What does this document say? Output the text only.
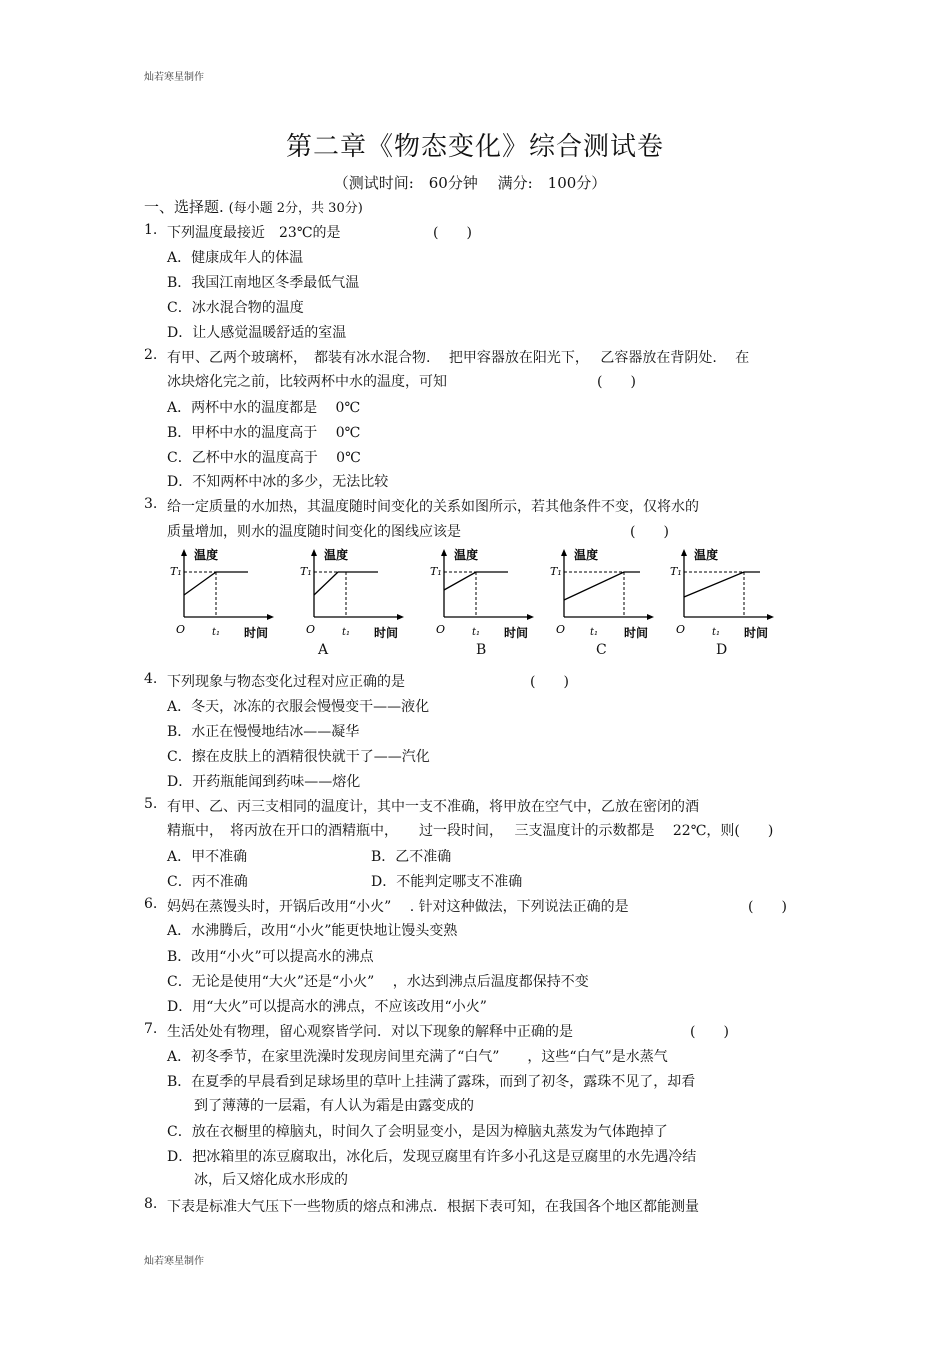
灿若寒星制作
第二章《物态变化》综合测试卷
（测试时间:　60分钟　 满分:　100分）
一、选择题. (每小题 2分，共 30分)
1. 下列温度最接近　23℃的是	(　　)
A．健康成年人的体温
B．我国江南地区冬季最低气温
C．冰水混合物的温度
D．让人感觉温暖舒适的室温
2. 有甲、乙两个玻璃杯，　都装有冰水混合物.　 把甲容器放在阳光下，　 乙容器放在背阴处.　 在
冰块熔化完之前，比较两杯中水的温度，可知	(　　)
A．两杯中水的温度都是　 0℃
B．甲杯中水的温度高于　 0℃
C．乙杯中水的温度高于　 0℃
D．不知两杯中冰的多少，无法比较
3. 给一定质量的水加热，其温度随时间变化的关系如图所示，若其他条件不变，仅将水的
质量增加，则水的温度随时间变化的图线应该是	(　　)
温度
T₁
O	t₁ 时间
温度
T₁
O	t₁ 时间
温度
T₁
O	t₁ 时间
温度
T₁
O t₁ 时间
温度
T₁
O	t₁ 时间
A	B	C	D
4. 下列现象与物态变化过程对应正确的是	(　　)
A．冬天，冰冻的衣服会慢慢变干——液化
B．水正在慢慢地结冰——凝华
C．擦在皮肤上的酒精很快就干了——汽化
D．开药瓶能闻到药味——熔化
5. 有甲、乙、丙三支相同的温度计，其中一支不准确，将甲放在空气中，乙放在密闭的酒
精瓶中，　将丙放在开口的酒精瓶中，　　过一段时间，　 三支温度计的示数都是　 22℃，则(　　)
A．甲不准确	B．乙不准确
C．丙不准确	D．不能判定哪支不准确
6. 妈妈在蒸馒头时，开锅后改用“小火”　 . 针对这种做法，下列说法正确的是	(　　)
A．水沸腾后，改用“小火”能更快地让馒头变熟
B．改用“小火”可以提高水的沸点
C．无论是使用“大火”还是“小火”　 ，水达到沸点后温度都保持不变
D．用“大火”可以提高水的沸点，不应该改用“小火”
7. 生活处处有物理，留心观察皆学问．对以下现象的解释中正确的是	(　　)
A．初冬季节，在家里洗澡时发现房间里充满了“白气”　　，这些“白气”是水蒸气
B．在夏季的早晨看到足球场里的草叶上挂满了露珠，而到了初冬，露珠不见了，却看
到了薄薄的一层霜，有人认为霜是由露变成的
C．放在衣橱里的樟脑丸，时间久了会明显变小，是因为樟脑丸蒸发为气体跑掉了
D．把冰箱里的冻豆腐取出，冰化后，发现豆腐里有许多小孔这是豆腐里的水先遇冷结
冰，后又熔化成水形成的
8. 下表是标准大气压下一些物质的熔点和沸点．根据下表可知，在我国各个地区都能测量
灿若寒星制作
